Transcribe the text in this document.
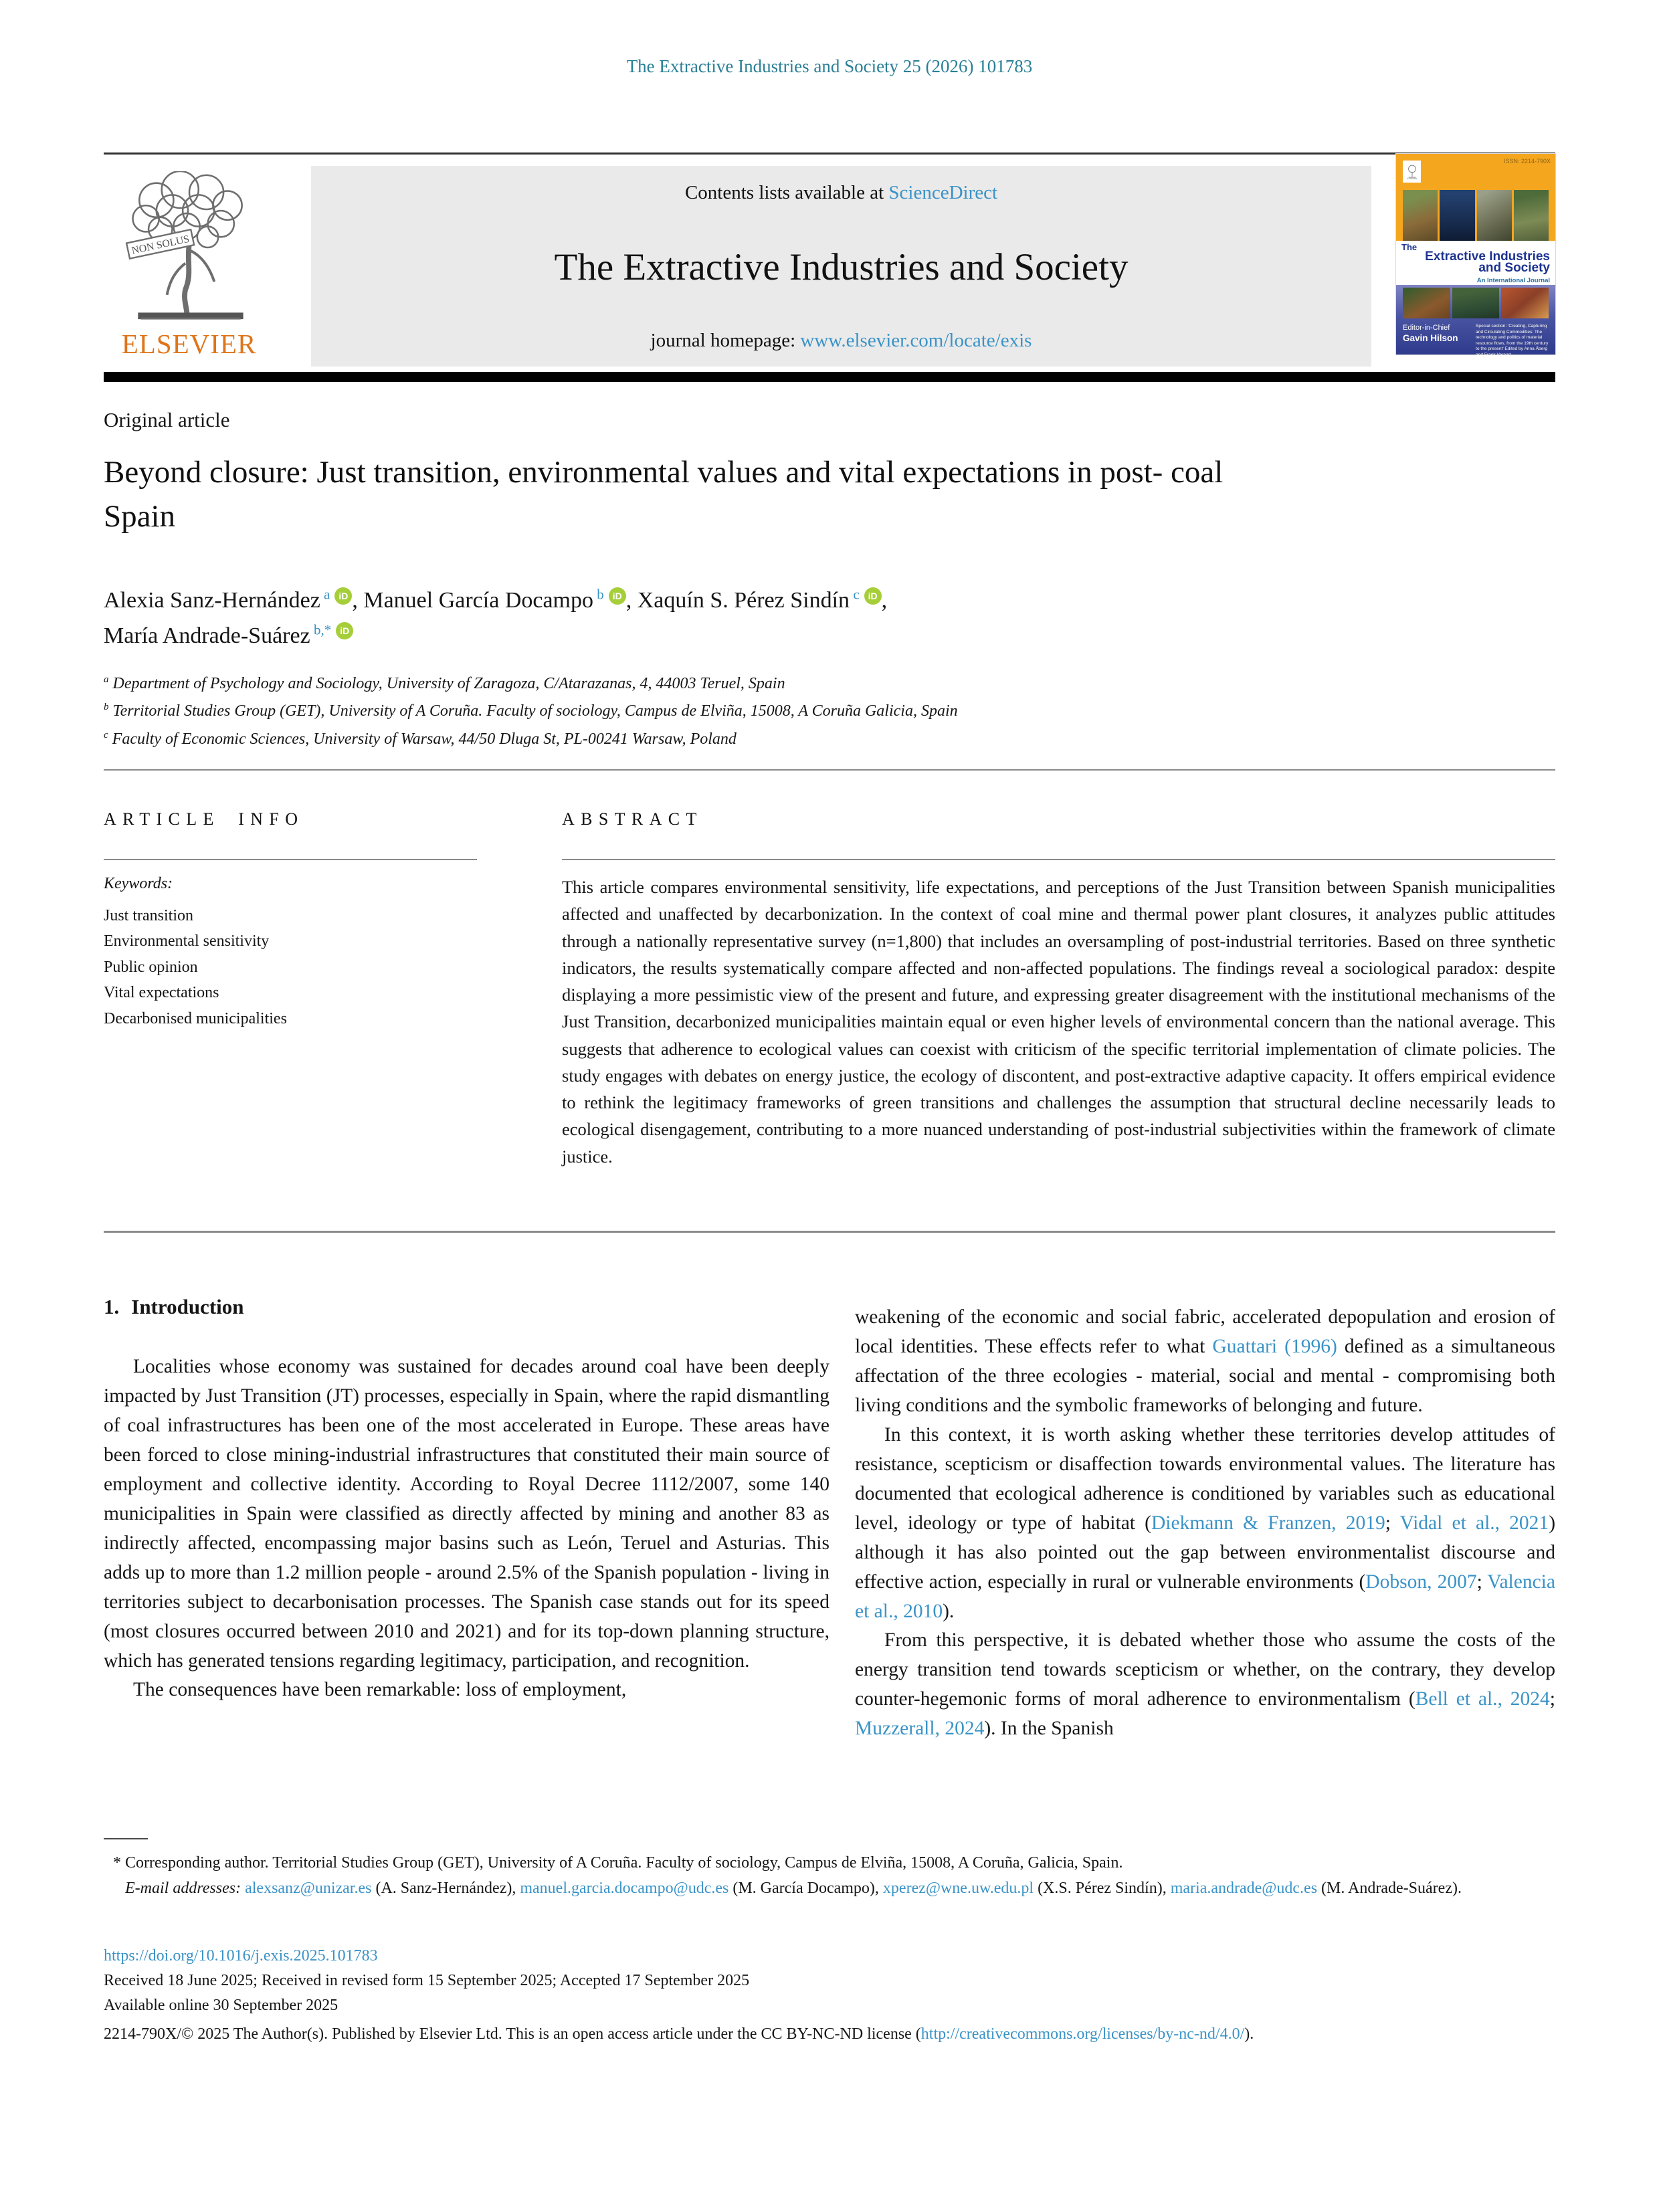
The Extractive Industries and Society 25 (2026) 101783
NON SOLUS
ELSEVIER
Contents lists available at ScienceDirect
The Extractive Industries and Society
journal homepage: www.elsevier.com/locate/exis
ELSEVIER
ISSN: 2214-790X
The
Extractive Industries
and Society
An International Journal
Editor-in-Chief
Gavin Hilson
Special section: 'Creating, Capturing and Circulating Commodities: The technology and politics of material resource flows, from the 19th century to the present' Edited by Anna Åberg and Frank Veraart
Original article
Beyond closure: Just transition, environmental values and vital expectations in post- coal Spain
Alexia Sanz-Hernández $^a$ iD , Manuel García Docampo $^b$ iD , Xaquín S. Pérez Sindín $^c$ iD ,
María Andrade-Suárez $^{b,*}$ iD
$^a$ Department of Psychology and Sociology, University of Zaragoza, C/Atarazanas, 4, 44003 Teruel, Spain
$^b$ Territorial Studies Group (GET), University of A Coruña. Faculty of sociology, Campus de Elviña, 15008, A Coruña Galicia, Spain
$^c$ Faculty of Economic Sciences, University of Warsaw, 44/50 Dluga St, PL-00241 Warsaw, Poland
ARTICLE INFO	ABSTRACT
Keywords:
Just transition
Environmental sensitivity
Public opinion
Vital expectations
Decarbonised municipalities
This article compares environmental sensitivity, life expectations, and perceptions of the Just Transition between Spanish municipalities affected and unaffected by decarbonization. In the context of coal mine and thermal power plant closures, it analyzes public attitudes through a nationally representative survey (n=1,800) that includes an oversampling of post-industrial territories. Based on three synthetic indicators, the results systematically compare affected and non-affected populations. The findings reveal a sociological paradox: despite displaying a more pessimistic view of the present and future, and expressing greater disagreement with the institutional mechanisms of the Just Transition, decarbonized municipalities maintain equal or even higher levels of environmental concern than the national average. This suggests that adherence to ecological values can coexist with criticism of the specific territorial implementation of climate policies. The study engages with debates on energy justice, the ecology of discontent, and post-extractive adaptive capacity. It offers empirical evidence to rethink the legitimacy frameworks of green transitions and challenges the assumption that structural decline necessarily leads to ecological disengagement, contributing to a more nuanced understanding of post-industrial subjectivities within the framework of climate justice.
1. Introduction

Localities whose economy was sustained for decades around coal have been deeply impacted by Just Transition (JT) processes, especially in Spain, where the rapid dismantling of coal infrastructures has been one of the most accelerated in Europe. These areas have been forced to close mining-industrial infrastructures that constituted their main source of employment and collective identity. According to Royal Decree 1112/2007, some 140 municipalities in Spain were classified as directly affected by mining and another 83 as indirectly affected, encompassing major basins such as León, Teruel and Asturias. This adds up to more than 1.2 million people - around 2.5% of the Spanish population - living in territories subject to decarbonisation processes. The Spanish case stands out for its speed (most closures occurred between 2010 and 2021) and for its top-down planning structure, which has generated tensions regarding legitimacy, participation, and recognition.

The consequences have been remarkable: loss of employment,

weakening of the economic and social fabric, accelerated depopulation and erosion of local identities. These effects refer to what Guattari (1996) defined as a simultaneous affectation of the three ecologies - material, social and mental - compromising both living conditions and the symbolic frameworks of belonging and future.

In this context, it is worth asking whether these territories develop attitudes of resistance, scepticism or disaffection towards environmental values. The literature has documented that ecological adherence is conditioned by variables such as educational level, ideology or type of habitat (Diekmann & Franzen, 2019; Vidal et al., 2021) although it has also pointed out the gap between environmentalist discourse and effective action, especially in rural or vulnerable environments (Dobson, 2007; Valencia et al., 2010).

From this perspective, it is debated whether those who assume the costs of the energy transition tend towards scepticism or whether, on the contrary, they develop counter-hegemonic forms of moral adherence to environmentalism (Bell et al., 2024; Muzzerall, 2024). In the Spanish

* Corresponding author. Territorial Studies Group (GET), University of A Coruña. Faculty of sociology, Campus de Elviña, 15008, A Coruña, Galicia, Spain.

E-mail addresses: alexsanz@unizar.es (A. Sanz-Hernández), manuel.garcia.docampo@udc.es (M. García Docampo), xperez@wne.uw.edu.pl (X.S. Pérez Sindín), maria.andrade@udc.es (M. Andrade-Suárez).

https://doi.org/10.1016/j.exis.2025.101783

Received 18 June 2025; Received in revised form 15 September 2025; Accepted 17 September 2025

Available online 30 September 2025

2214-790X/© 2025 The Author(s). Published by Elsevier Ltd. This is an open access article under the CC BY-NC-ND license (http://creativecommons.org/licenses/by-nc-nd/4.0/).
